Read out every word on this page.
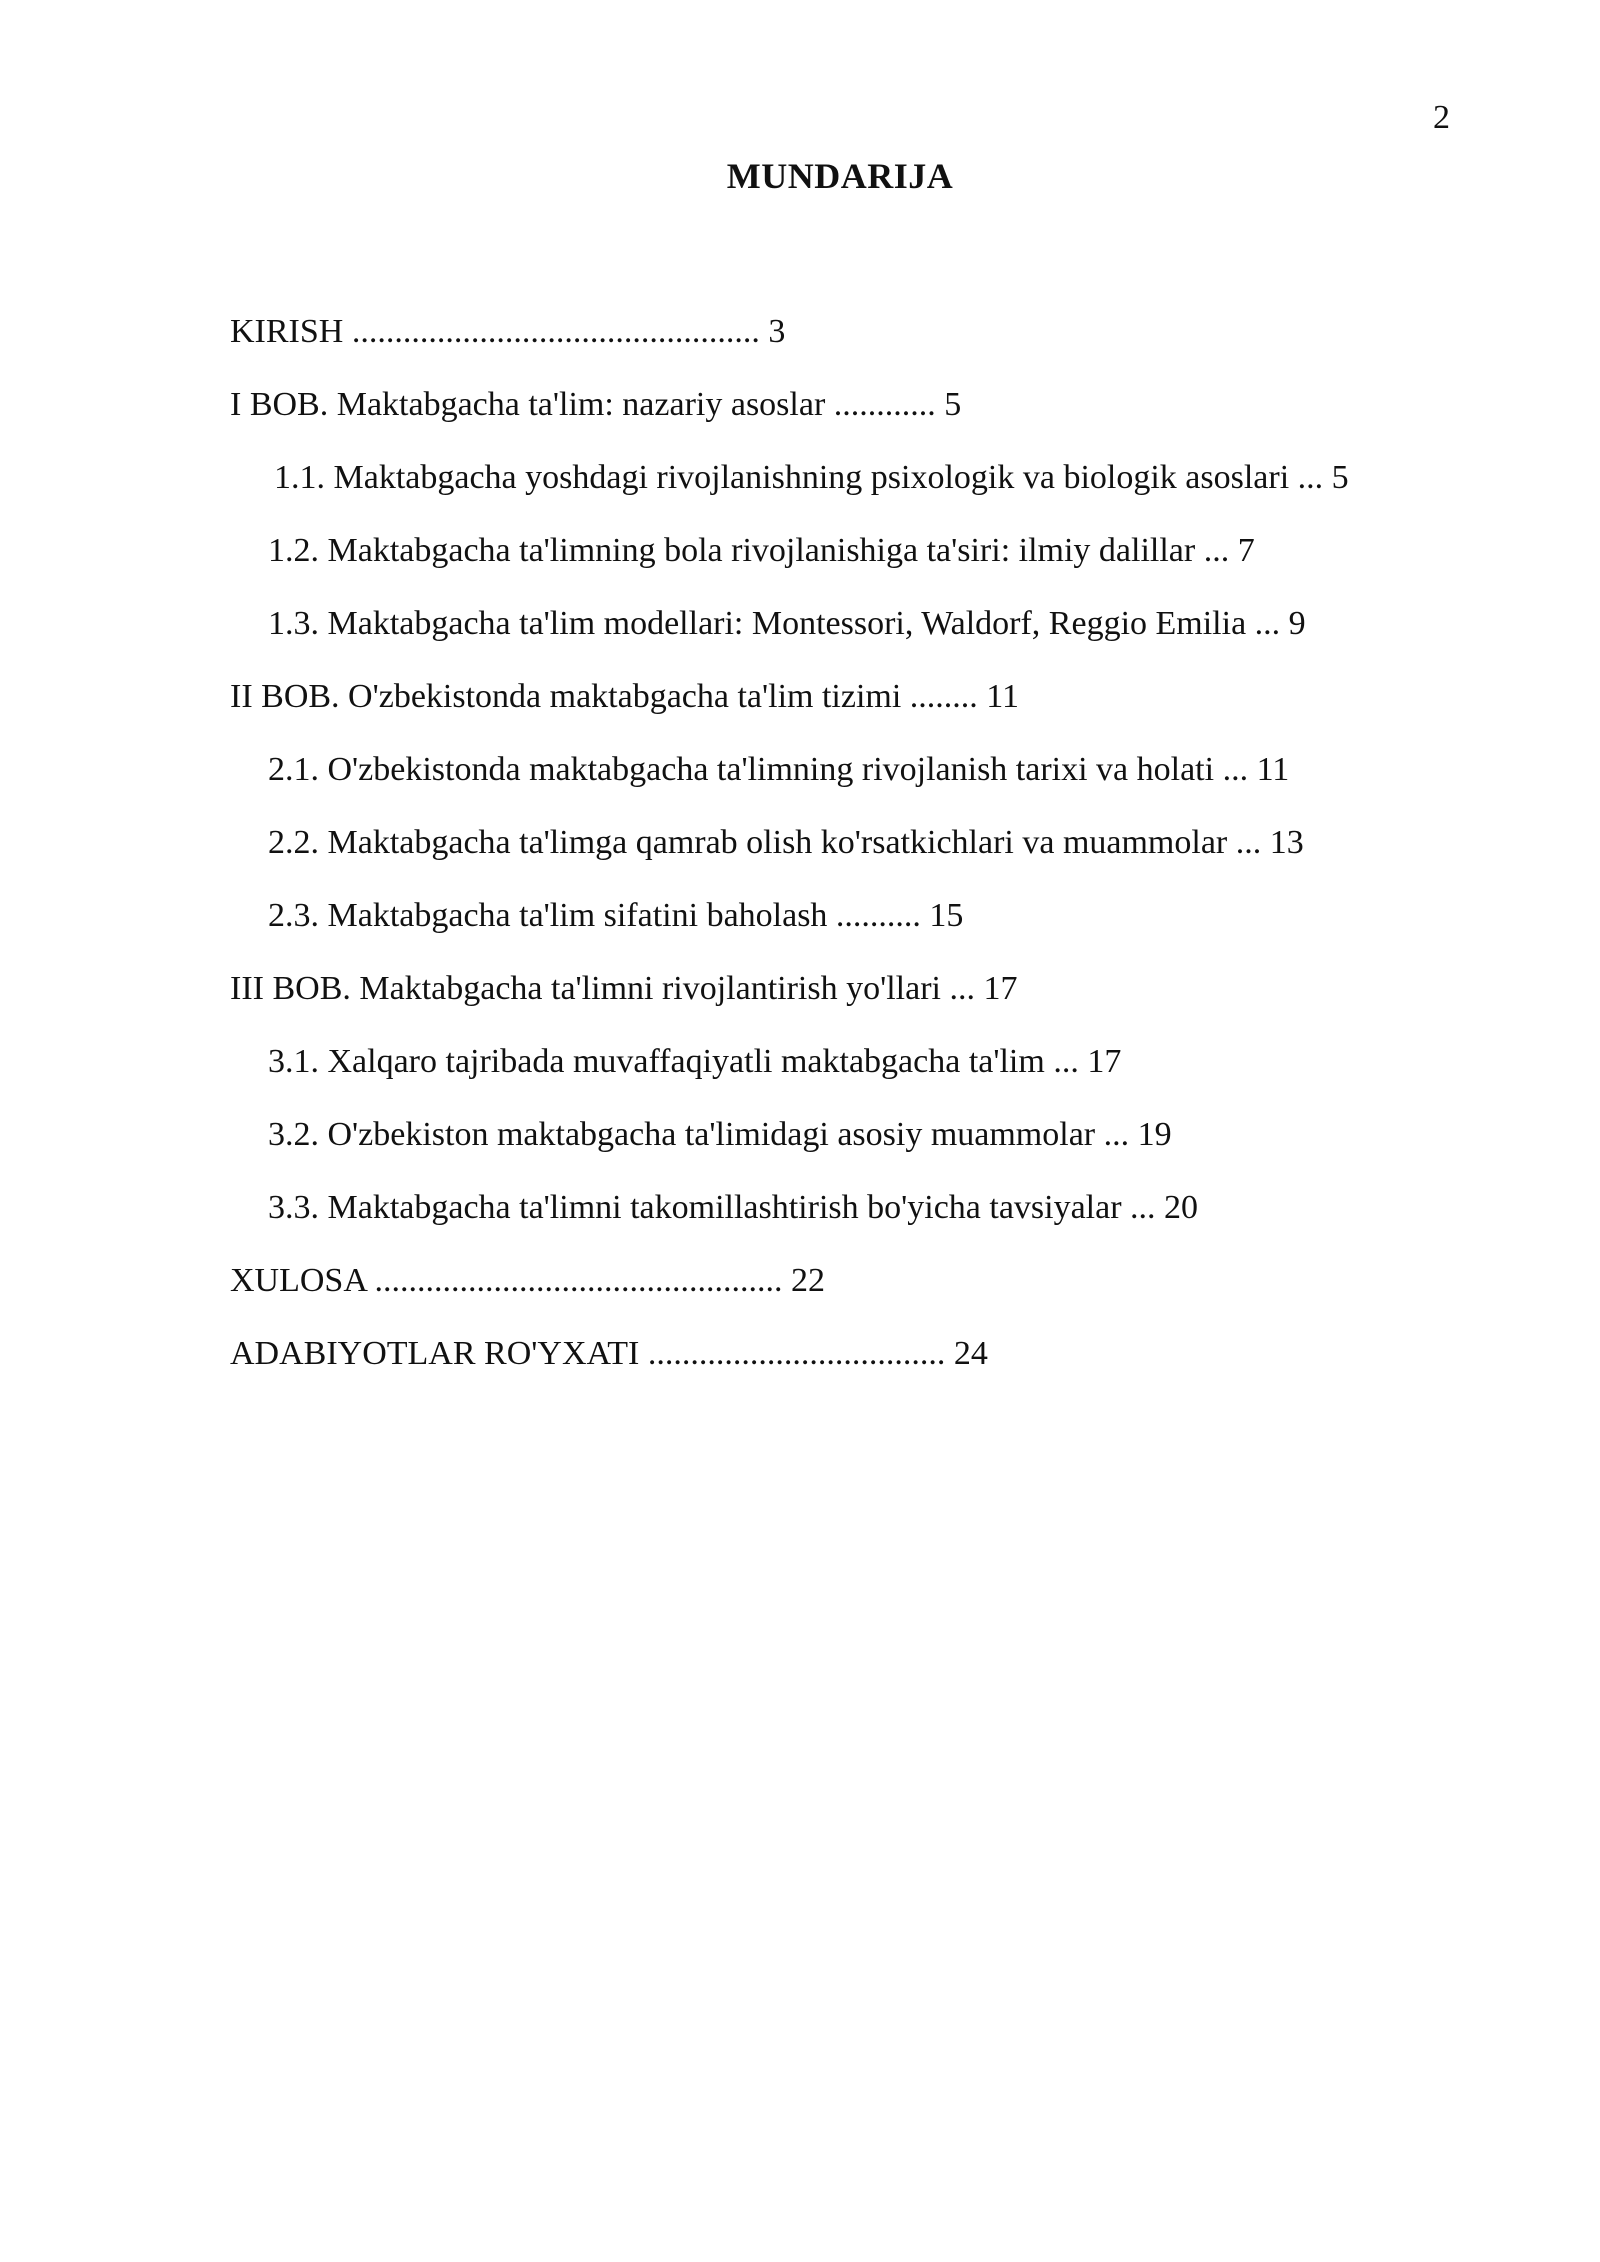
2
MUNDARIJA
KIRISH ................................................ 3
I BOB. Maktabgacha ta'lim: nazariy asoslar ............ 5
1.1. Maktabgacha yoshdagi rivojlanishning psixologik va biologik asoslari ... 5
1.2. Maktabgacha ta'limning bola rivojlanishiga ta'siri: ilmiy dalillar ... 7
1.3. Maktabgacha ta'lim modellari: Montessori, Waldorf, Reggio Emilia ... 9
II BOB. O'zbekistonda maktabgacha ta'lim tizimi ........ 11
2.1. O'zbekistonda maktabgacha ta'limning rivojlanish tarixi va holati ... 11
2.2. Maktabgacha ta'limga qamrab olish ko'rsatkichlari va muammolar ... 13
2.3. Maktabgacha ta'lim sifatini baholash .......... 15
III BOB. Maktabgacha ta'limni rivojlantirish yo'llari ... 17
3.1. Xalqaro tajribada muvaffaqiyatli maktabgacha ta'lim ... 17
3.2. O'zbekiston maktabgacha ta'limidagi asosiy muammolar ... 19
3.3. Maktabgacha ta'limni takomillashtirish bo'yicha tavsiyalar ... 20
XULOSA ................................................ 22
ADABIYOTLAR RO'YXATI ................................... 24
